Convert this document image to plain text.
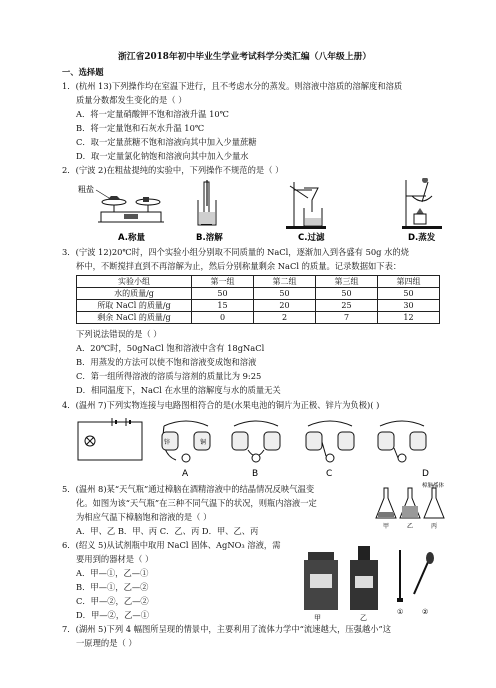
浙江省2018年初中毕业生学业考试科学分类汇编（八年级上册）
一、选择题
1．(杭州 13)下列操作均在室温下进行，且不考虑水分的蒸发。则溶液中溶质的溶解度和溶质
质量分数都发生变化的是（ ）
A．将一定量硝酸钾不饱和溶液升温 10℃
B．将一定量饱和石灰水升温 10℃
C．取一定量蔗糖不饱和溶液向其中加入少量蔗糖
D．取一定量氯化钠饱和溶液向其中加入少量水
2．(宁波 2)在粗盐提纯的实验中，下列操作不规范的是（ ）
粗盐
A.称量	B.溶解	C.过滤	D.蒸发
3．(宁波 12)20℃时，四个实验小组分别取不同质量的 NaCl，逐渐加入到各盛有 50g 水的烧
杯中，不断搅拌直到不再溶解为止，然后分别称量剩余 NaCl 的质量。记录数据如下表：
实验小组	第一组	第二组	第三组	第四组
水的质量/g	50	50	50	50
所取 NaCl 的质量/g	15	20	25	30
剩余 NaCl 的质量/g	0	2	7	12
下列说法错误的是（ ）
A．20℃时，50gNaCl 饱和溶液中含有 18gNaCl
B．用蒸发的方法可以使不饱和溶液变成饱和溶液
C．第一组所得溶液的溶质与溶剂的质量比为 9:25
D．相同温度下，NaCl 在水里的溶解度与水的质量无关
4．(温州 7)下列实物连接与电路图相符合的是(水果电池的铜片为正极、锌片为负极)( )
锌	铜
A	B	C	D
5．(温州 8)某“天气瓶”通过樟脑在酒精溶液中的结晶情况反映气温变
化。如图为该“天气瓶”在三种不同气温下的状况，则瓶内溶液一定
为相应气温下樟脑饱和溶液的是（ ）
A．甲、乙 B．甲、丙 C．乙、丙 D．甲、乙、丙
樟脑晶体
甲	乙	丙
6．(绍义 5)从试剂瓶中取用 NaCl 固体、AgNO₃ 溶液，需
要用到的器材是（ ）
A．甲—①，乙—①
B．甲—①，乙—②
C．甲—②，乙—②
D．甲—②，乙—①	甲	乙
①	②
7．(湖州 5)下列 4 幅图所呈现的情景中，主要利用了流体力学中“流速越大，压强越小”这
一原理的是（ ）
